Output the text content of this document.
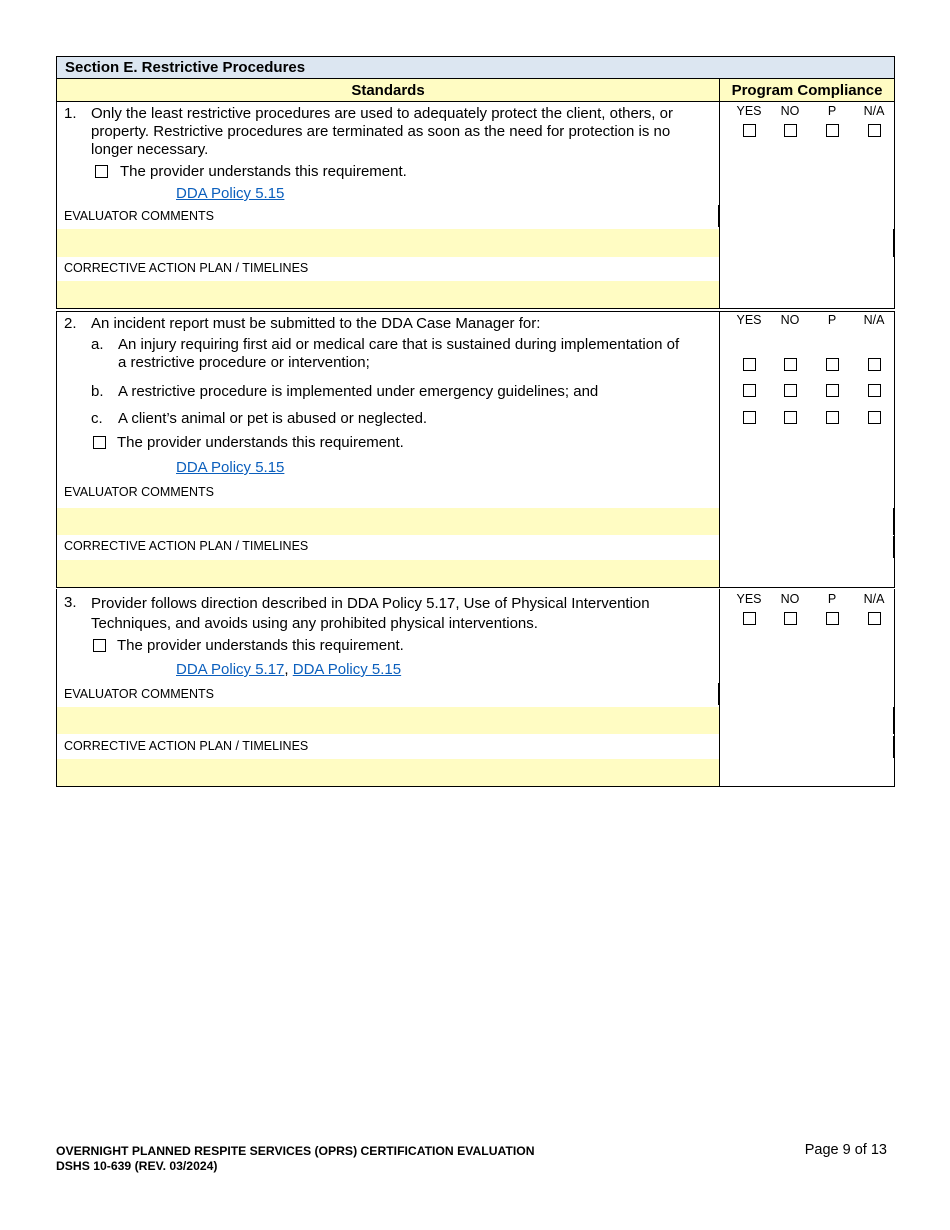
Section E. Restrictive Procedures
Standards	Program Compliance
1. Only the least restrictive procedures are used to adequately protect the client, others, or
property. Restrictive procedures are terminated as soon as the need for protection is no
longer necessary.
The provider understands this requirement.
DDA Policy 5.15
EVALUATOR COMMENTS
CORRECTIVE ACTION PLAN / TIMELINES
YES	NO	P	N/A
2. An incident report must be submitted to the DDA Case Manager for:
a. An injury requiring first aid or medical care that is sustained during implementation of
a restrictive procedure or intervention;
b. A restrictive procedure is implemented under emergency guidelines; and
c. A client’s animal or pet is abused or neglected.
The provider understands this requirement.
DDA Policy 5.15
EVALUATOR COMMENTS
CORRECTIVE ACTION PLAN / TIMELINES
YES	NO	P	N/A
3. Provider follows direction described in DDA Policy 5.17, Use of Physical Intervention
Techniques, and avoids using any prohibited physical interventions.
The provider understands this requirement.
DDA Policy 5.17, DDA Policy 5.15
EVALUATOR COMMENTS
CORRECTIVE ACTION PLAN / TIMELINES
YES	NO	P	N/A
OVERNIGHT PLANNED RESPITE SERVICES (OPRS) CERTIFICATION EVALUATION
DSHS 10-639 (REV. 03/2024)
Page 9 of 13
